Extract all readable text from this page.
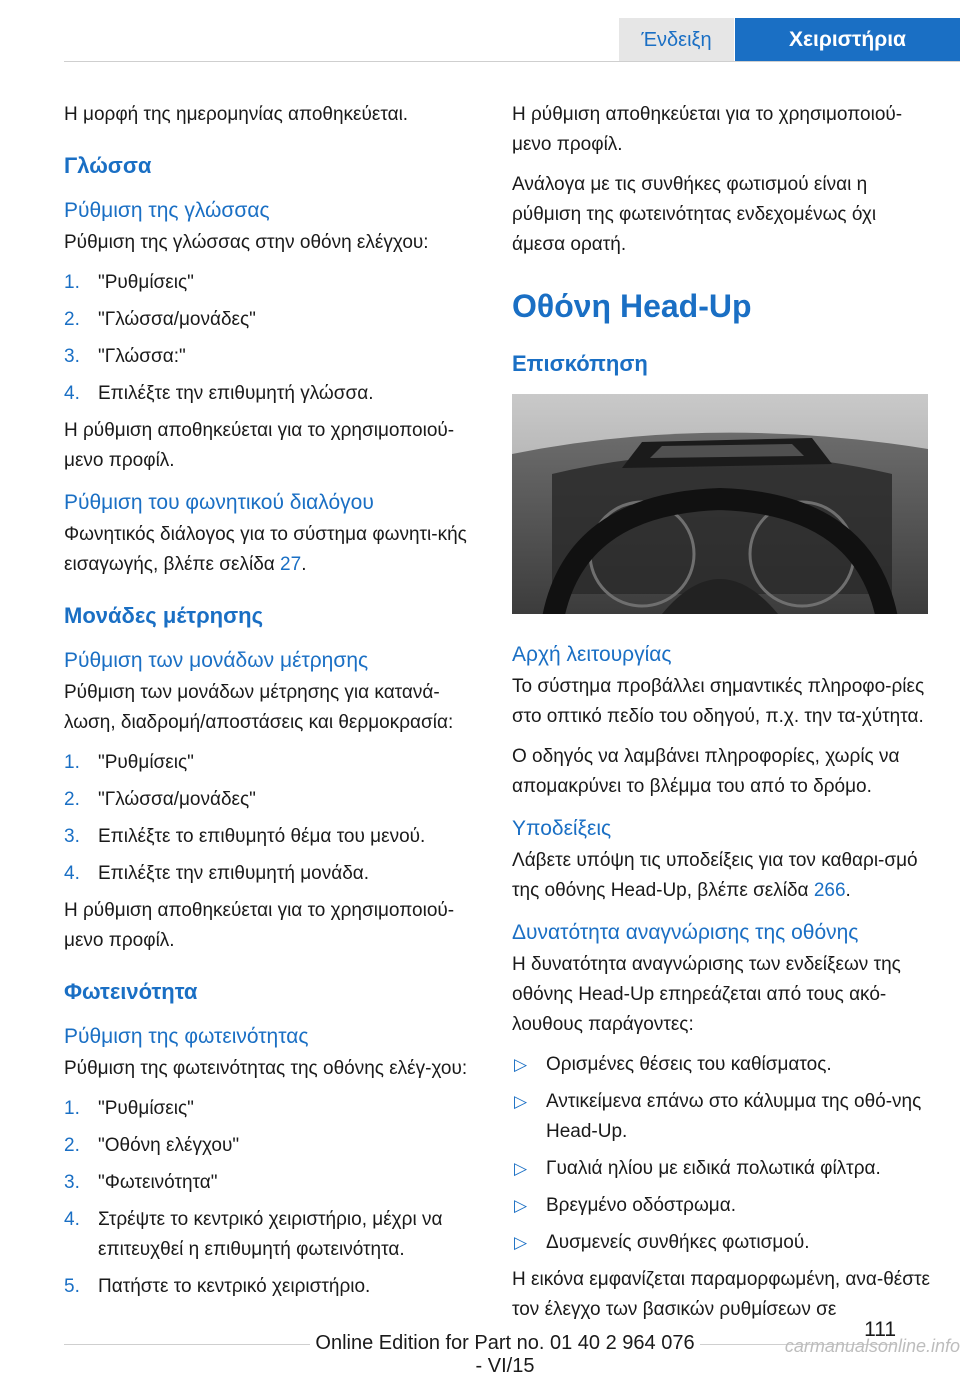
Ένδειξη	Χειριστήρια

Η μορφή της ημερομηνίας αποθηκεύεται.

Γλώσσα
Ρύθμιση της γλώσσας

Ρύθμιση της γλώσσας στην οθόνη ελέγχου:

1. "Ρυθμίσεις"
2. "Γλώσσα/μονάδες"
3. "Γλώσσα:"
4. Επιλέξτε την επιθυμητή γλώσσα.

Η ρύθμιση αποθηκεύεται για το χρησιμοποιού-μενο προφίλ.

Ρύθμιση του φωνητικού διαλόγου

Φωνητικός διάλογος για το σύστημα φωνητι-κής εισαγωγής, βλέπε σελίδα 27.

Μονάδες μέτρησης
Ρύθμιση των μονάδων μέτρησης

Ρύθμιση των μονάδων μέτρησης για κατανά-λωση, διαδρομή/αποστάσεις και θερμοκρασία:

1. "Ρυθμίσεις"
2. "Γλώσσα/μονάδες"
3. Επιλέξτε το επιθυμητό θέμα του μενού.
4. Επιλέξτε την επιθυμητή μονάδα.

Η ρύθμιση αποθηκεύεται για το χρησιμοποιού-μενο προφίλ.

Φωτεινότητα
Ρύθμιση της φωτεινότητας

Ρύθμιση της φωτεινότητας της οθόνης ελέγ-χου:

1. "Ρυθμίσεις"
2. "Οθόνη ελέγχου"
3. "Φωτεινότητα"
4. Στρέψτε το κεντρικό χειριστήριο, μέχρι να επιτευχθεί η επιθυμητή φωτεινότητα.
5. Πατήστε το κεντρικό χειριστήριο.

Η ρύθμιση αποθηκεύεται για το χρησιμοποιού-μενο προφίλ.

Ανάλογα με τις συνθήκες φωτισμού είναι η ρύθμιση της φωτεινότητας ενδεχομένως όχι άμεσα ορατή.

Οθόνη Head-Up
Επισκόπηση
Αρχή λειτουργίας

Το σύστημα προβάλλει σημαντικές πληροφο-ρίες στο οπτικό πεδίο του οδηγού, π.χ. την τα-χύτητα.

Ο οδηγός να λαμβάνει πληροφορίες, χωρίς να απομακρύνει το βλέμμα του από το δρόμο.

Υποδείξεις

Λάβετε υπόψη τις υποδείξεις για τον καθαρι-σμό της οθόνης Head-Up, βλέπε σελίδα 266.

Δυνατότητα αναγνώρισης της οθόνης

Η δυνατότητα αναγνώρισης των ενδείξεων της οθόνης Head-Up επηρεάζεται από τους ακό-λουθους παράγοντες:

▷ Ορισμένες θέσεις του καθίσματος.
▷ Αντικείμενα επάνω στο κάλυμμα της οθό-νης Head-Up.
▷ Γυαλιά ηλίου με ειδικά πολωτικά φίλτρα.
▷ Βρεγμένο οδόστρωμα.
▷ Δυσμενείς συνθήκες φωτισμού.

Η εικόνα εμφανίζεται παραμορφωμένη, ανα-θέστε τον έλεγχο των βασικών ρυθμίσεων σε

111
Online Edition for Part no. 01 40 2 964 076 - VI/15
carmanualsonline.info
